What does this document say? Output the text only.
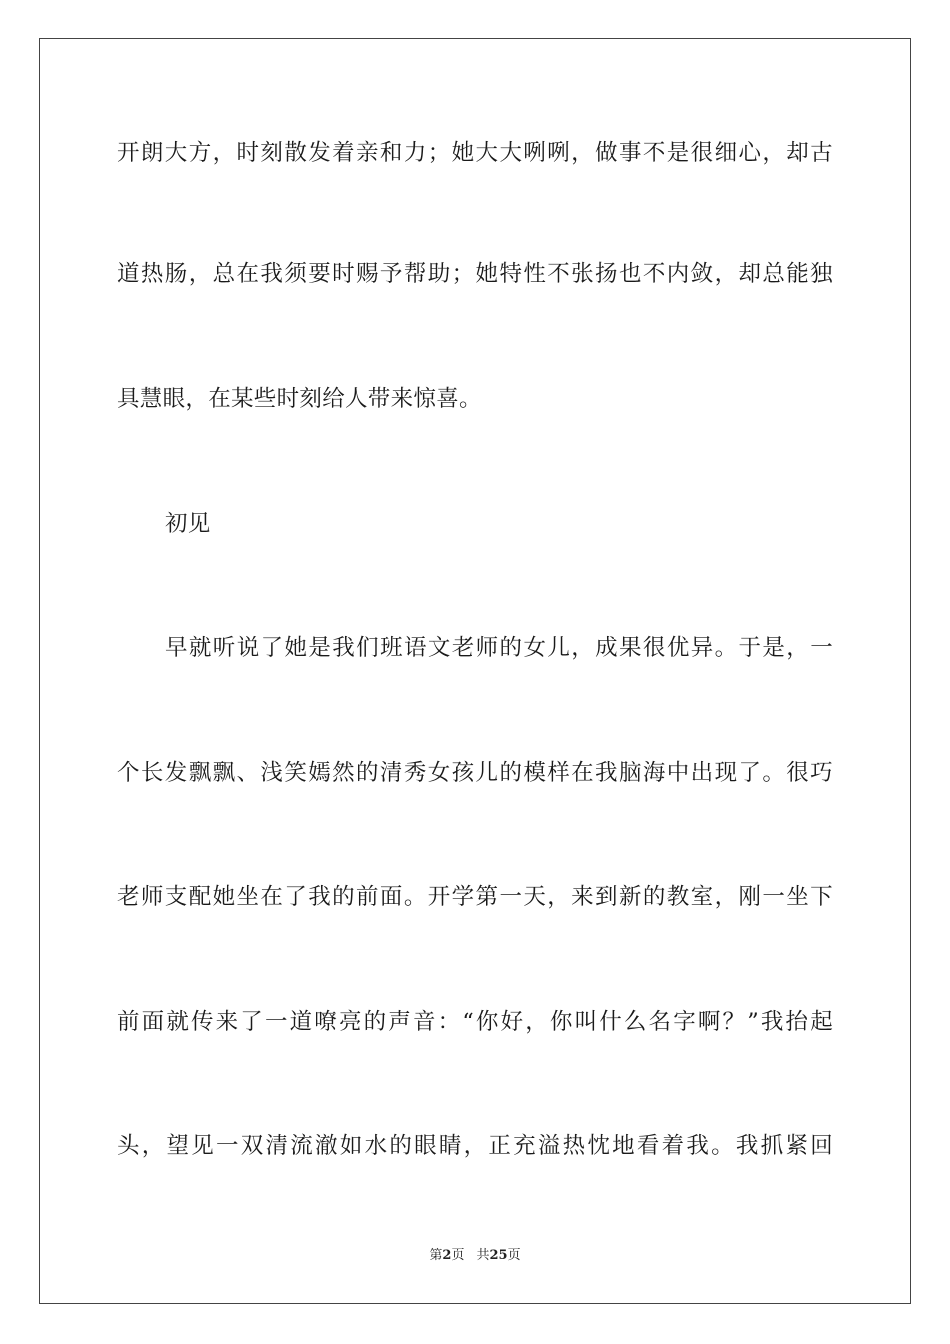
开朗大方，时刻散发着亲和力；她大大咧咧，做事不是很细心，却古
道热肠，总在我须要时赐予帮助；她特性不张扬也不内敛，却总能独
具慧眼，在某些时刻给人带来惊喜。
初见
早就听说了她是我们班语文老师的女儿，成果很优异。于是，一
个长发飘飘、浅笑嫣然的清秀女孩儿的模样在我脑海中出现了。很巧
老师支配她坐在了我的前面。开学第一天，来到新的教室，刚一坐下
前面就传来了一道嘹亮的声音：“你好，你叫什么名字啊？”我抬起
头，望见一双清流澈如水的眼睛，正充溢热忱地看着我。我抓紧回
第2页 共25页
